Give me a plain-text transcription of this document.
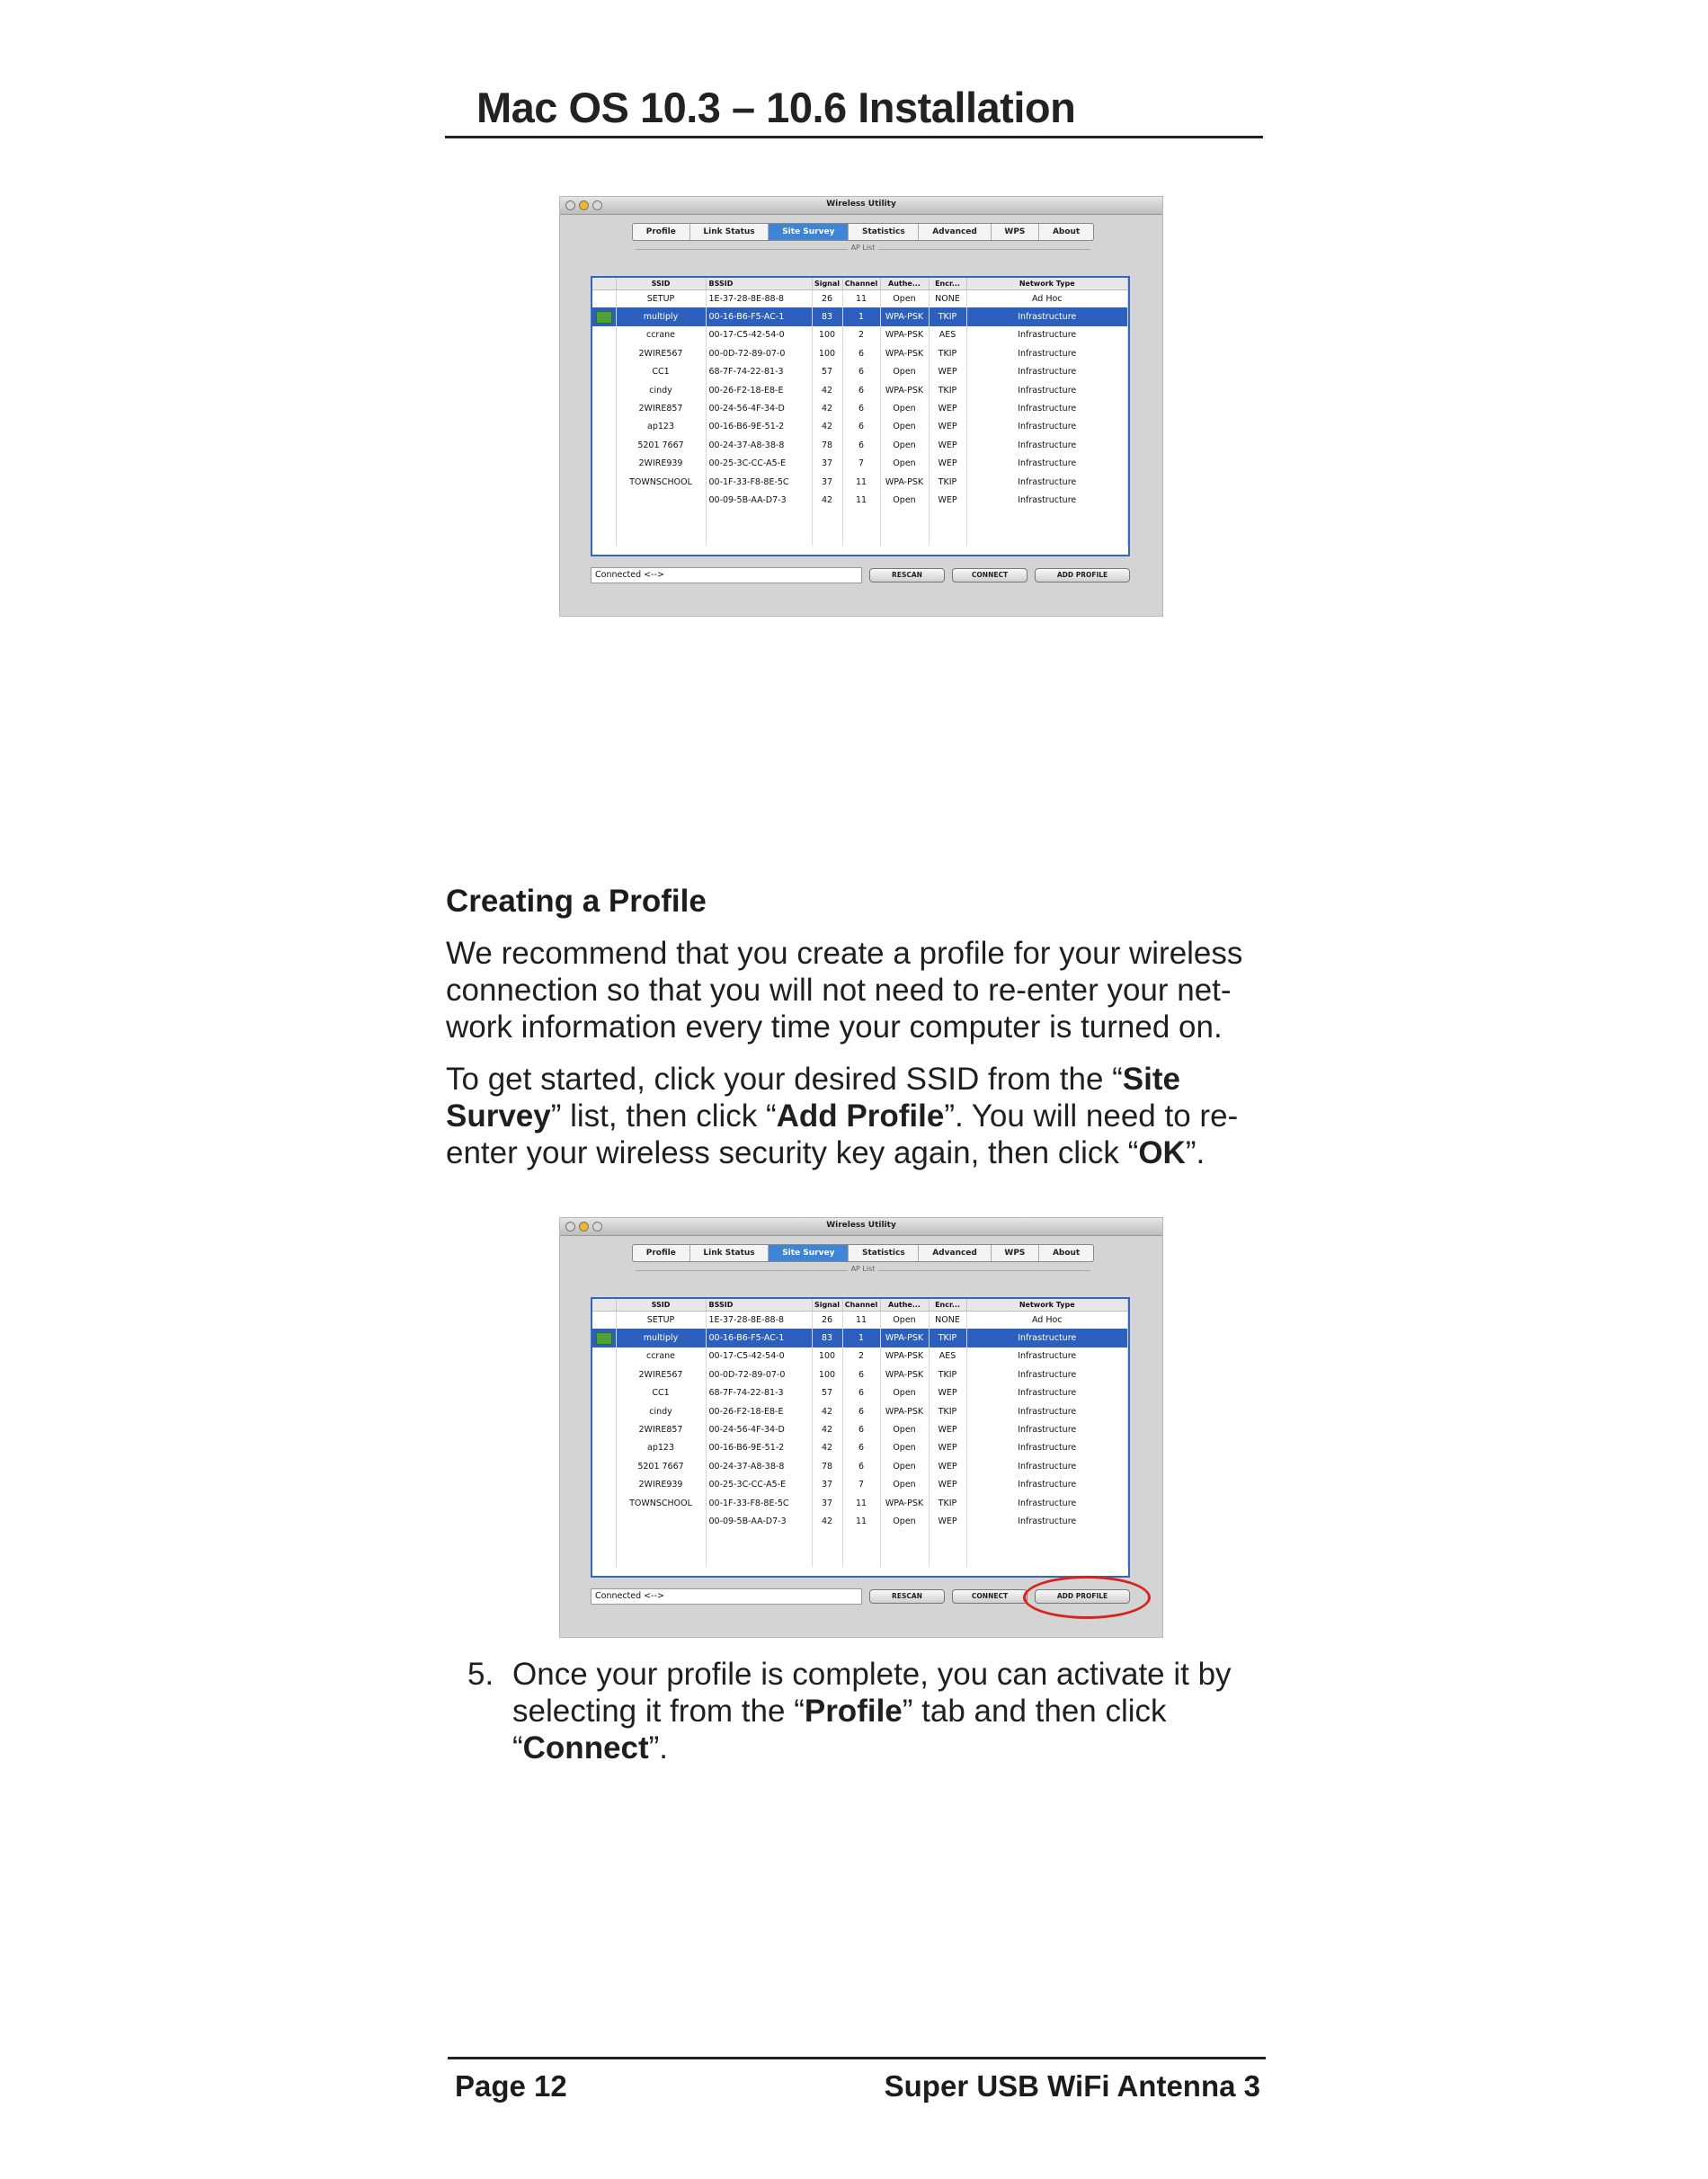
Mac OS 10.3 – 10.6 Installation
Wireless Utility
Profile	Link Status	Site Survey	Statistics	Advanced	WPS	About
AP List
	SSID	BSSID	Signal	Channel	Authe...	Encr...	Network Type
	SETUP	1E-37-28-8E-88-8	26	11	Open	NONE	Ad Hoc
	multiply	00-16-B6-F5-AC-1	83	1	WPA-PSK	TKIP	Infrastructure
	ccrane	00-17-C5-42-54-0	100	2	WPA-PSK	AES	Infrastructure
	2WIRE567	00-0D-72-89-07-0	100	6	WPA-PSK	TKIP	Infrastructure
	CC1	68-7F-74-22-81-3	57	6	Open	WEP	Infrastructure
	cindy	00-26-F2-18-E8-E	42	6	WPA-PSK	TKIP	Infrastructure
	2WIRE857	00-24-56-4F-34-D	42	6	Open	WEP	Infrastructure
	ap123	00-16-B6-9E-51-2	42	6	Open	WEP	Infrastructure
	5201 7667	00-24-37-A8-38-8	78	6	Open	WEP	Infrastructure
	2WIRE939	00-25-3C-CC-A5-E	37	7	Open	WEP	Infrastructure
	TOWNSCHOOL	00-1F-33-F8-8E-5C	37	11	WPA-PSK	TKIP	Infrastructure
		00-09-5B-AA-D7-3	42	11	Open	WEP	Infrastructure

Connected <-->	RESCAN	CONNECT	ADD PROFILE
Creating a Profile

We recommend that you create a profile for your wireless connection so that you will not need to re-enter your net-work information every time your computer is turned on.

To get started, click your desired SSID from the “Site Survey” list, then click “Add Profile”. You will need to re-enter your wireless security key again, then click “OK”.

Wireless Utility
Profile	Link Status	Site Survey	Statistics	Advanced	WPS	About
AP List
	SSID	BSSID	Signal	Channel	Authe...	Encr...	Network Type
	SETUP	1E-37-28-8E-88-8	26	11	Open	NONE	Ad Hoc
	multiply	00-16-B6-F5-AC-1	83	1	WPA-PSK	TKIP	Infrastructure
	ccrane	00-17-C5-42-54-0	100	2	WPA-PSK	AES	Infrastructure
	2WIRE567	00-0D-72-89-07-0	100	6	WPA-PSK	TKIP	Infrastructure
	CC1	68-7F-74-22-81-3	57	6	Open	WEP	Infrastructure
	cindy	00-26-F2-18-E8-E	42	6	WPA-PSK	TKIP	Infrastructure
	2WIRE857	00-24-56-4F-34-D	42	6	Open	WEP	Infrastructure
	ap123	00-16-B6-9E-51-2	42	6	Open	WEP	Infrastructure
	5201 7667	00-24-37-A8-38-8	78	6	Open	WEP	Infrastructure
	2WIRE939	00-25-3C-CC-A5-E	37	7	Open	WEP	Infrastructure
	TOWNSCHOOL	00-1F-33-F8-8E-5C	37	11	WPA-PSK	TKIP	Infrastructure
		00-09-5B-AA-D7-3	42	11	Open	WEP	Infrastructure

Connected <-->	RESCAN	CONNECT	ADD PROFILE
5. Once your profile is complete, you can activate it by selecting it from the “Profile” tab and then click “Connect”.
Page 12	Super USB WiFi Antenna 3
